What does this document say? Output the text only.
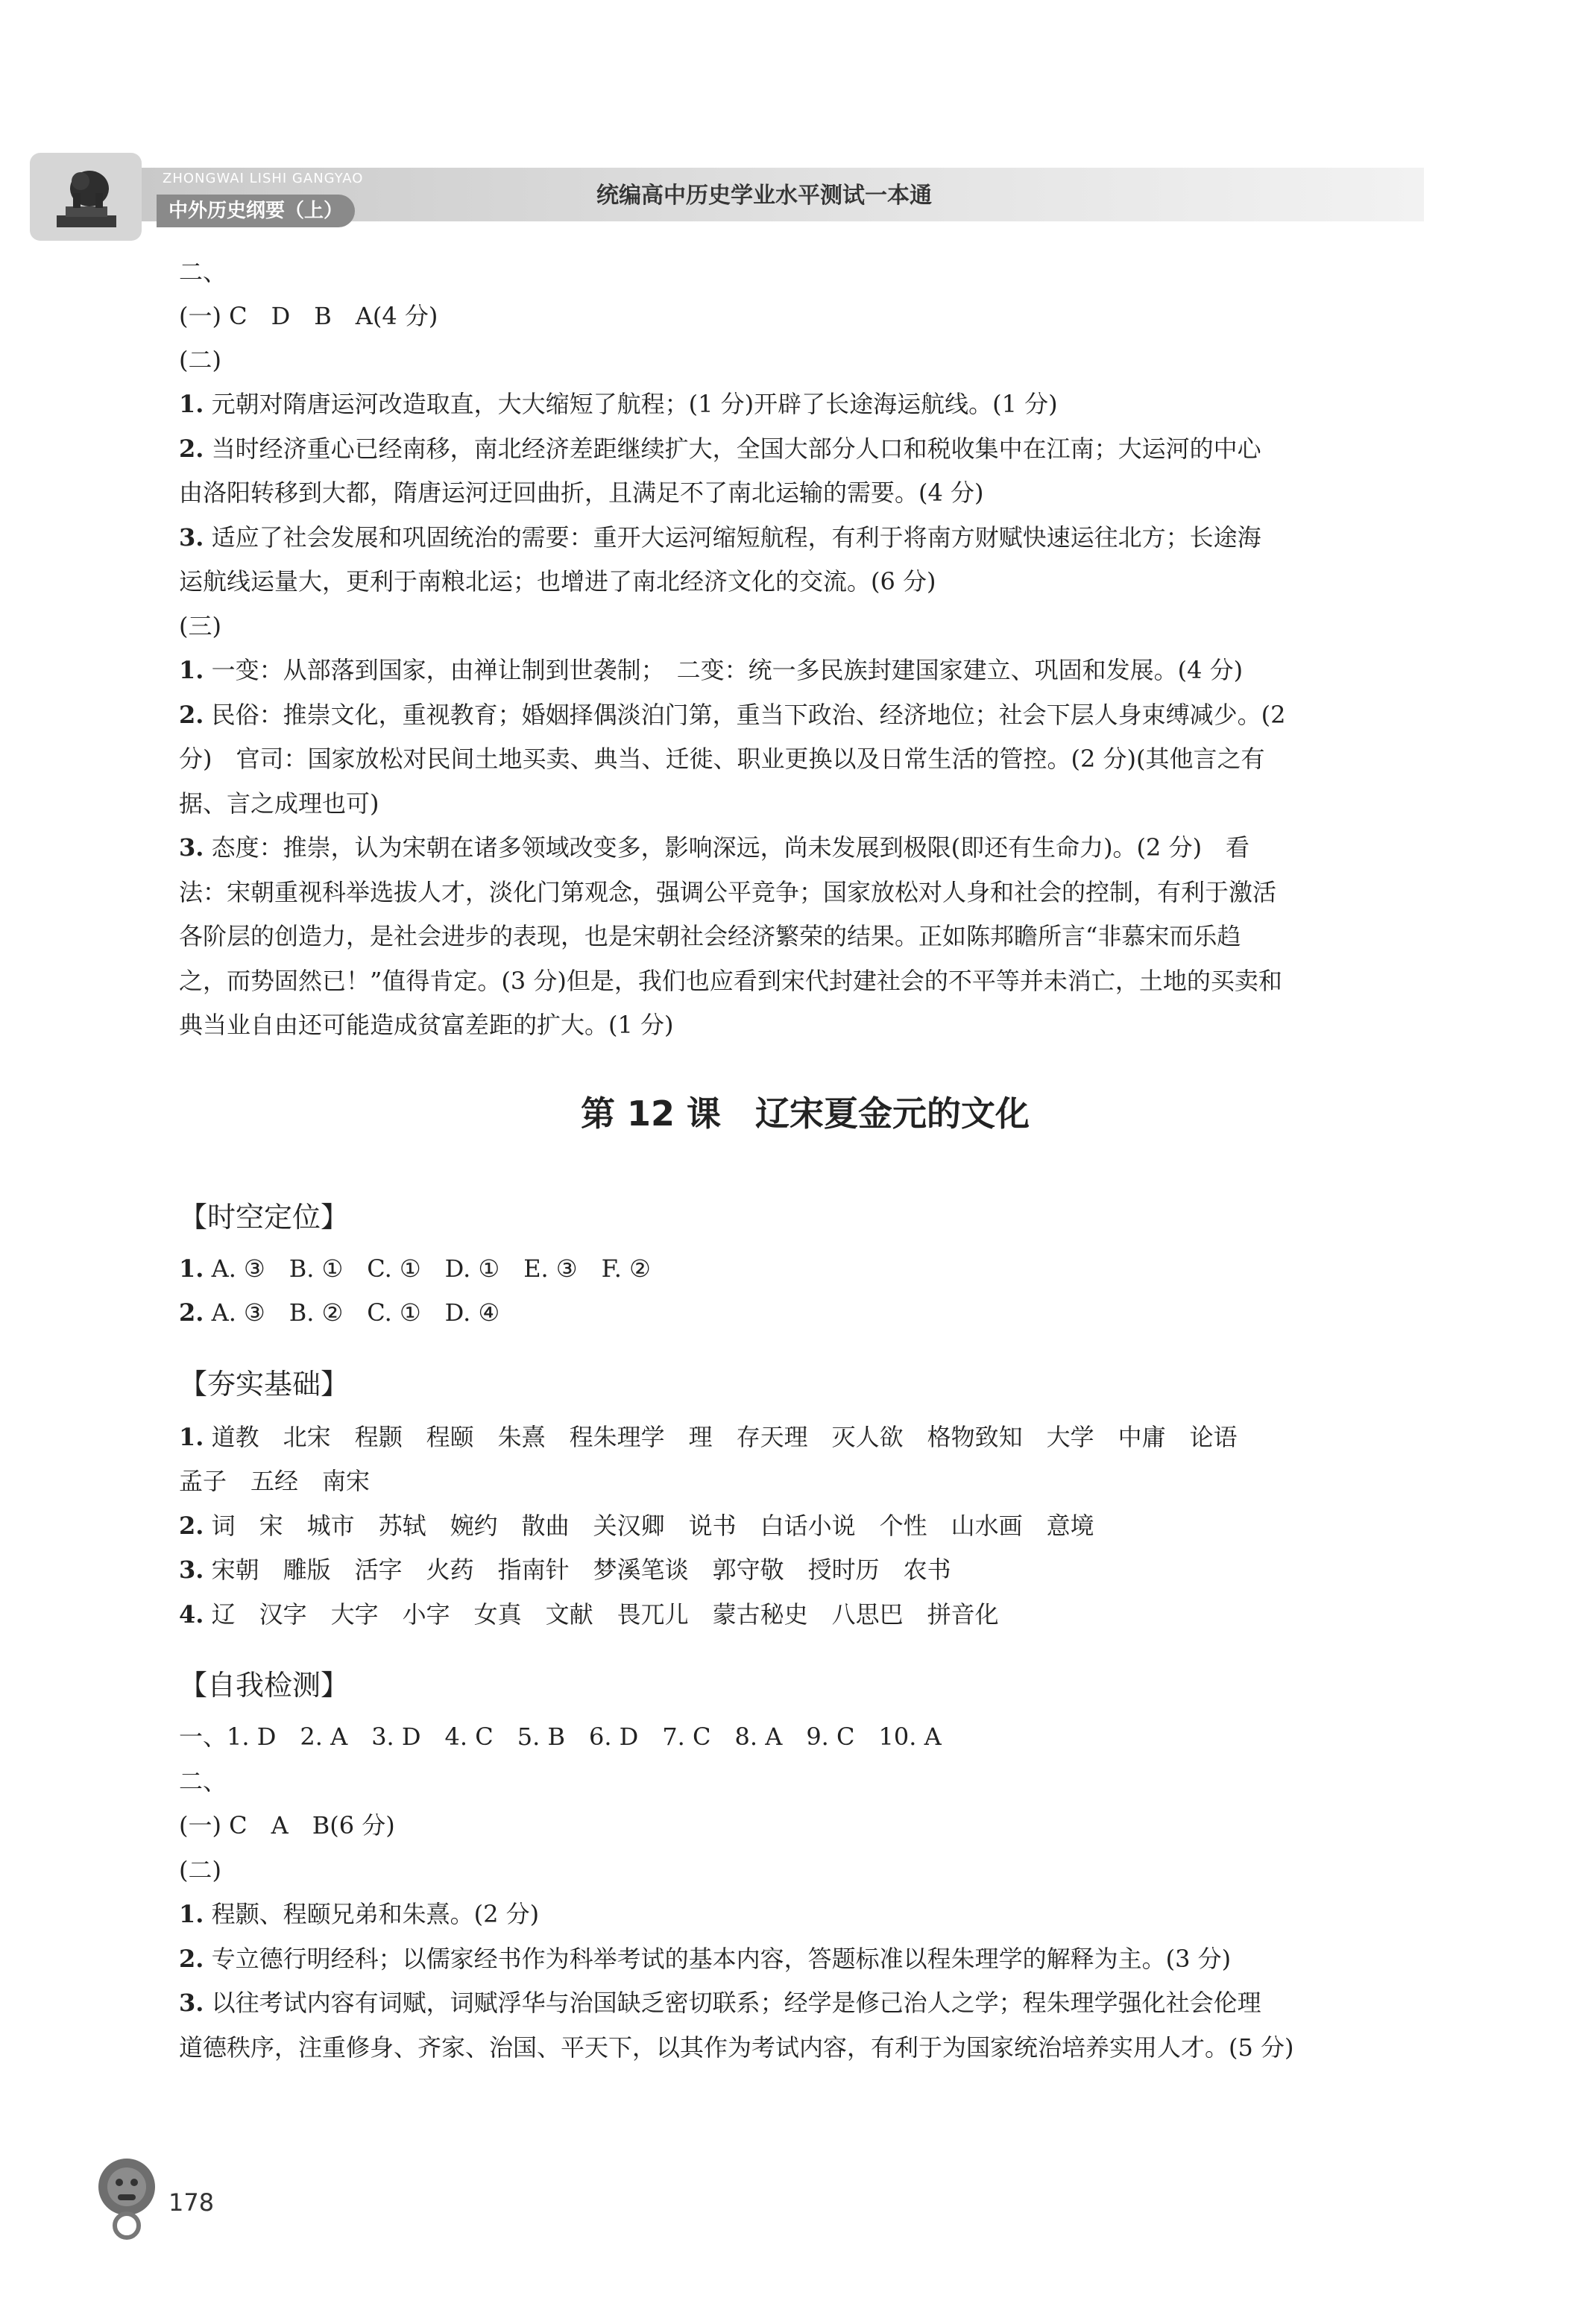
ZHONGWAI LISHI GANGYAO
中外历史纲要（上）
统编高中历史学业水平测试一本通
二、
(一) C　D　B　A(4 分)
(二)
1. 元朝对隋唐运河改造取直，大大缩短了航程；(1 分)开辟了长途海运航线。(1 分)
2. 当时经济重心已经南移，南北经济差距继续扩大，全国大部分人口和税收集中在江南；大运河的中心
由洛阳转移到大都，隋唐运河迂回曲折，且满足不了南北运输的需要。(4 分)
3. 适应了社会发展和巩固统治的需要：重开大运河缩短航程，有利于将南方财赋快速运往北方；长途海
运航线运量大，更利于南粮北运；也增进了南北经济文化的交流。(6 分)
(三)
1. 一变：从部落到国家，由禅让制到世袭制；　二变：统一多民族封建国家建立、巩固和发展。(4 分)
2. 民俗：推崇文化，重视教育；婚姻择偶淡泊门第，重当下政治、经济地位；社会下层人身束缚减少。(2
分)　官司：国家放松对民间土地买卖、典当、迁徙、职业更换以及日常生活的管控。(2 分)(其他言之有
据、言之成理也可)
3. 态度：推崇，认为宋朝在诸多领域改变多，影响深远，尚未发展到极限(即还有生命力)。(2 分)　看
法：宋朝重视科举选拔人才，淡化门第观念，强调公平竞争；国家放松对人身和社会的控制，有利于激活
各阶层的创造力，是社会进步的表现，也是宋朝社会经济繁荣的结果。正如陈邦瞻所言“非慕宋而乐趋
之，而势固然已！”值得肯定。(3 分)但是，我们也应看到宋代封建社会的不平等并未消亡，土地的买卖和
典当业自由还可能造成贫富差距的扩大。(1 分)
第 12 课　辽宋夏金元的文化
【时空定位】
1. A. ③　B. ①　C. ①　D. ①　E. ③　F. ②
2. A. ③　B. ②　C. ①　D. ④
【夯实基础】
1. 道教　北宋　程颢　程颐　朱熹　程朱理学　理　存天理　灭人欲　格物致知　大学　中庸　论语
孟子　五经　南宋
2. 词　宋　城市　苏轼　婉约　散曲　关汉卿　说书　白话小说　个性　山水画　意境
3. 宋朝　雕版　活字　火药　指南针　梦溪笔谈　郭守敬　授时历　农书
4. 辽　汉字　大字　小字　女真　文献　畏兀儿　蒙古秘史　八思巴　拼音化
【自我检测】
一、1. D　2. A　3. D　4. C　5. B　6. D　7. C　8. A　9. C　10. A
二、
(一) C　A　B(6 分)
(二)
1. 程颢、程颐兄弟和朱熹。(2 分)
2. 专立德行明经科；以儒家经书作为科举考试的基本内容，答题标准以程朱理学的解释为主。(3 分)
3. 以往考试内容有词赋，词赋浮华与治国缺乏密切联系；经学是修己治人之学；程朱理学强化社会伦理
道德秩序，注重修身、齐家、治国、平天下，以其作为考试内容，有利于为国家统治培养实用人才。(5 分)
178
